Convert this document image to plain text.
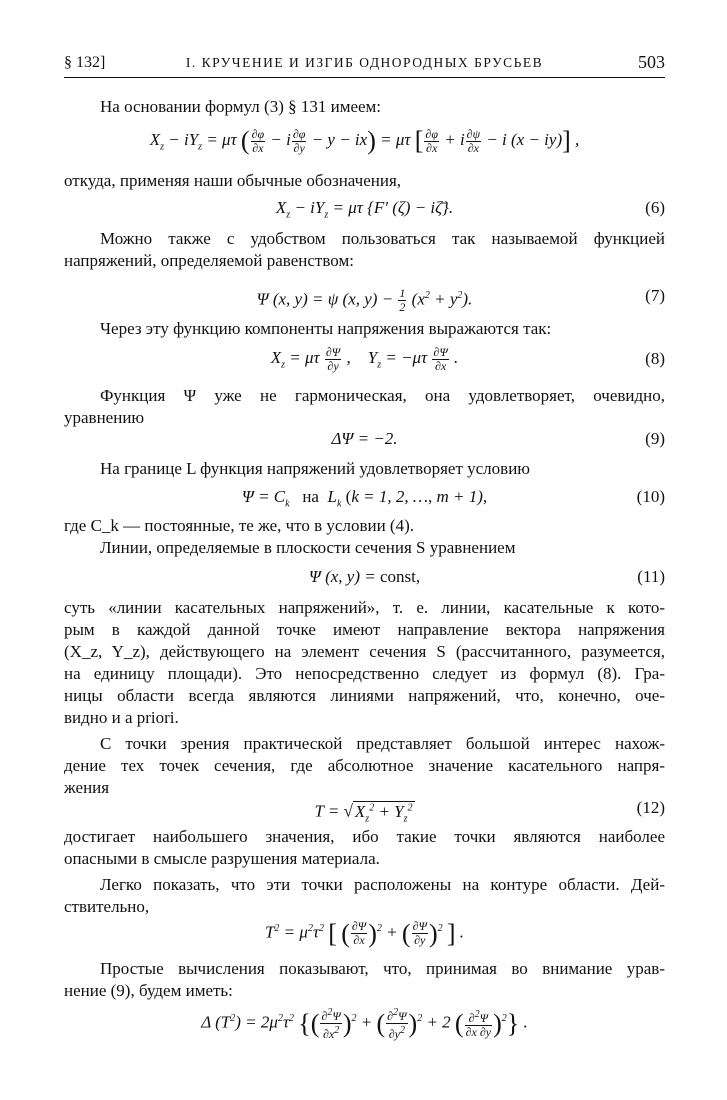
§ 132]	I. КРУЧЕНИЕ И ИЗГИБ ОДНОРОДНЫХ БРУСЬЕВ	503
На основании формул (3) § 131 имеем:
$X_z - iY_z = \mu\tau$ ( $\frac{\partial\varphi}{\partial x} - i \frac{\partial\varphi}{\partial y} - y - ix) = \mu\tau$ [ $\frac{\partial\varphi}{\partial x} + i \frac{\partial\psi}{\partial x} - i$ (x − iy)] ,
откуда, применяя наши обычные обозначения,
$X_z - iY_z = \mu\tau$ {F′ (ζ) − iζ̄}.	(6)
Можно также с удобством пользоваться так называемой функцией
напряжений, определяемой равенством:
Ψ (x, y) = ψ (x, $y) - \frac{1}{2} (x^2 + y^2)$.	(7)
Через эту функцию компоненты напряжения выражаются так:
$X_z = \mu\tau \frac{\partial\Psi}{\partial y}$ ,    $Y_z = -\mu\tau \frac{\partial\Psi}{\partial x}$ .	(8)
Функция Ψ уже не гармоническая, она удовлетворяет, очевидно,
уравнению
ΔΨ = −2.	(9)
На границе L функция напряжений удовлетворяет условию
$\Psi = C_k$   на  $L_k$ (k = 1, 2, …, m + 1),	(10)
где C_k — постоянные, те же, что в условии (4).
Линии, определяемые в плоскости сечения S уравнением
Ψ (x, y) = const,	(11)
суть «линии касательных напряжений», т. е. линии, касательные к кото-
рым в каждой данной точке имеют направление вектора напряжения
(X_z, Y_z), действующего на элемент сечения S (рассчитанного, разумеется,
на единицу площади). Это непосредственно следует из формул (8). Гра-
ницы области всегда являются линиями напряжений, что, конечно, оче-
видно и a priori.
С точки зрения практической представляет большой интерес нахож-
дение тех точек сечения, где абсолютное значение касательного напря-
жения
T = √ $X_z^2 + Y_z^2$	(12)
достигает наибольшего значения, ибо такие точки являются наиболее
опасными в смысле разрушения материала.
Легко показать, что эти точки расположены на контуре области. Дей-
ствительно,
$T^2 = \mu^2\tau^2$ [ ( $\frac{\partial\Psi}{\partial x} )^2$ + ( $\frac{\partial\Psi}{\partial y} )^2$ ] .
Простые вычисления показывают, что, принимая во внимание урав-
нение (9), будем иметь:
Δ $(T^2) = 2\mu^2\tau^2$ {( $\frac{\partial^2\Psi}{\partial x^2} )^2$ + ( $\frac{\partial^2\Psi}{\partial y^2} )^2 + 2$ ( $\frac{\partial^2\Psi}{\partial x \partial y} )^2$} .
